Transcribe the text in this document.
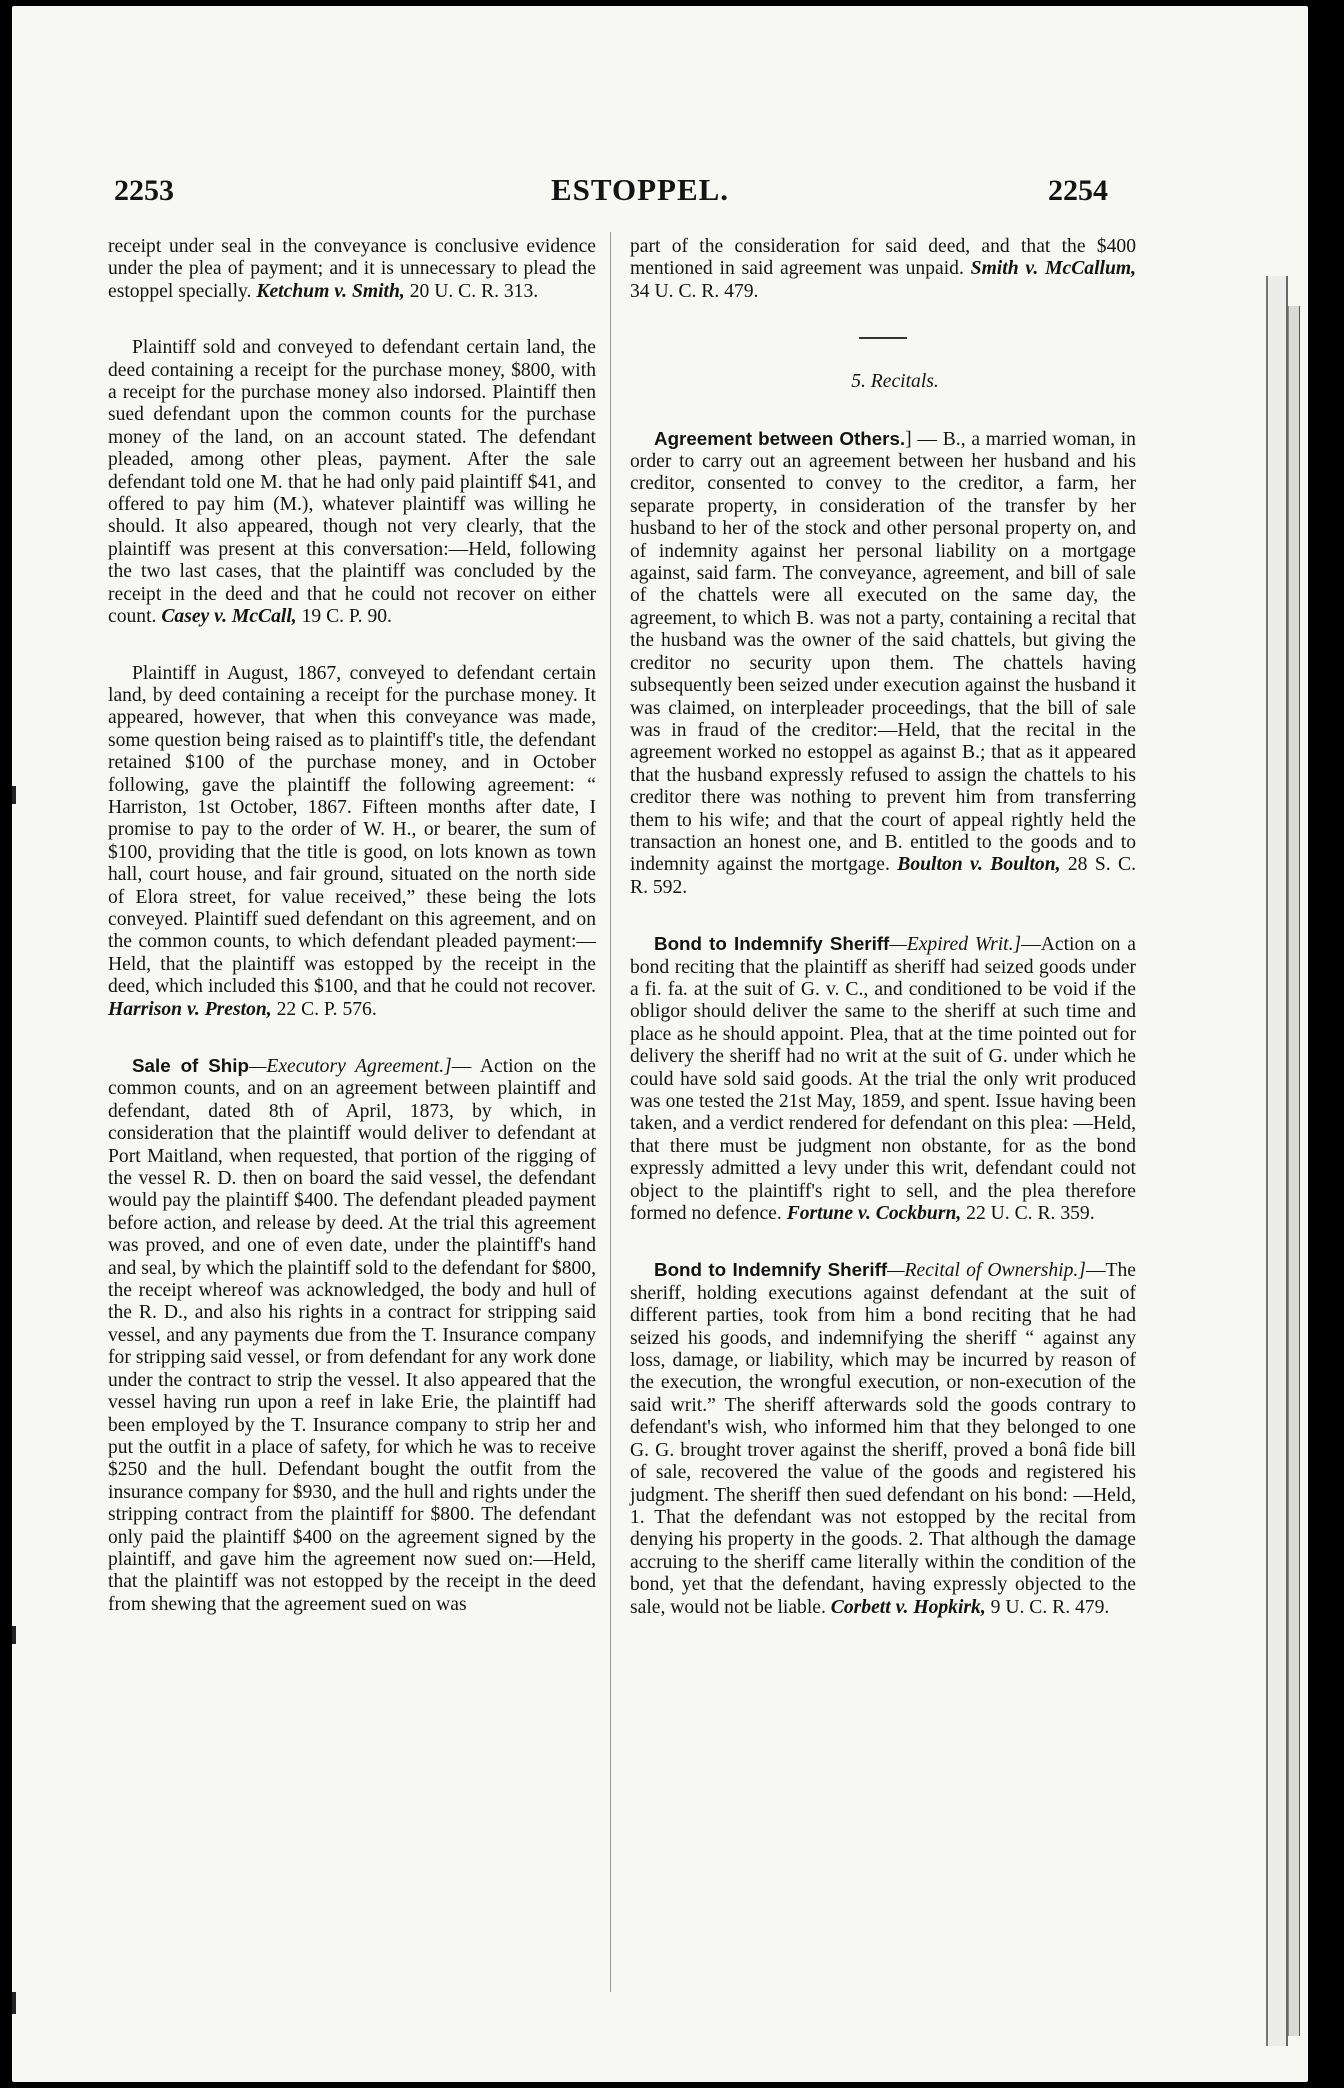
2253	ESTOPPEL.	2254

receipt under seal in the conveyance is conclusive evidence under the plea of payment; and it is unnecessary to plead the estoppel specially. Ketchum v. Smith, 20 U. C. R. 313.

Plaintiff sold and conveyed to defendant certain land, the deed containing a receipt for the purchase money, $800, with a receipt for the purchase money also indorsed. Plaintiff then sued defendant upon the common counts for the purchase money of the land, on an account stated. The defendant pleaded, among other pleas, payment. After the sale defendant told one M. that he had only paid plaintiff $41, and offered to pay him (M.), whatever plaintiff was willing he should. It also appeared, though not very clearly, that the plaintiff was present at this conversation:—Held, following the two last cases, that the plaintiff was concluded by the receipt in the deed and that he could not recover on either count. Casey v. McCall, 19 C. P. 90.

Plaintiff in August, 1867, conveyed to defendant certain land, by deed containing a receipt for the purchase money. It appeared, however, that when this conveyance was made, some question being raised as to plaintiff's title, the defendant retained $100 of the purchase money, and in October following, gave the plaintiff the following agreement: “ Harriston, 1st October, 1867. Fifteen months after date, I promise to pay to the order of W. H., or bearer, the sum of $100, providing that the title is good, on lots known as town hall, court house, and fair ground, situated on the north side of Elora street, for value received,” these being the lots conveyed. Plaintiff sued defendant on this agreement, and on the common counts, to which defendant pleaded payment:—Held, that the plaintiff was estopped by the receipt in the deed, which included this $100, and that he could not recover. Harrison v. Preston, 22 C. P. 576.

Sale of Ship—Executory Agreement.]— Action on the common counts, and on an agreement between plaintiff and defendant, dated 8th of April, 1873, by which, in consideration that the plaintiff would deliver to defendant at Port Maitland, when requested, that portion of the rigging of the vessel R. D. then on board the said vessel, the defendant would pay the plaintiff $400. The defendant pleaded payment before action, and release by deed. At the trial this agreement was proved, and one of even date, under the plaintiff's hand and seal, by which the plaintiff sold to the defendant for $800, the receipt whereof was acknowledged, the body and hull of the R. D., and also his rights in a contract for stripping said vessel, and any payments due from the T. Insurance company for stripping said vessel, or from defendant for any work done under the contract to strip the vessel. It also appeared that the vessel having run upon a reef in lake Erie, the plaintiff had been employed by the T. Insurance company to strip her and put the outfit in a place of safety, for which he was to receive $250 and the hull. Defendant bought the outfit from the insurance company for $930, and the hull and rights under the stripping contract from the plaintiff for $800. The defendant only paid the plaintiff $400 on the agreement signed by the plaintiff, and gave him the agreement now sued on:—Held, that the plaintiff was not estopped by the receipt in the deed from shewing that the agreement sued on was

part of the consideration for said deed, and that the $400 mentioned in said agreement was unpaid. Smith v. McCallum, 34 U. C. R. 479.

5. Recitals.

Agreement between Others.] — B., a married woman, in order to carry out an agreement between her husband and his creditor, consented to convey to the creditor, a farm, her separate property, in consideration of the transfer by her husband to her of the stock and other personal property on, and of indemnity against her personal liability on a mortgage against, said farm. The conveyance, agreement, and bill of sale of the chattels were all executed on the same day, the agreement, to which B. was not a party, containing a recital that the husband was the owner of the said chattels, but giving the creditor no security upon them. The chattels having subsequently been seized under execution against the husband it was claimed, on interpleader proceedings, that the bill of sale was in fraud of the creditor:—Held, that the recital in the agreement worked no estoppel as against B.; that as it appeared that the husband expressly refused to assign the chattels to his creditor there was nothing to prevent him from transferring them to his wife; and that the court of appeal rightly held the transaction an honest one, and B. entitled to the goods and to indemnity against the mortgage. Boulton v. Boulton, 28 S. C. R. 592.

Bond to Indemnify Sheriff—Expired Writ.]—Action on a bond reciting that the plaintiff as sheriff had seized goods under a fi. fa. at the suit of G. v. C., and conditioned to be void if the obligor should deliver the same to the sheriff at such time and place as he should appoint. Plea, that at the time pointed out for delivery the sheriff had no writ at the suit of G. under which he could have sold said goods. At the trial the only writ produced was one tested the 21st May, 1859, and spent. Issue having been taken, and a verdict rendered for defendant on this plea: —Held, that there must be judgment non obstante, for as the bond expressly admitted a levy under this writ, defendant could not object to the plaintiff's right to sell, and the plea therefore formed no defence. Fortune v. Cockburn, 22 U. C. R. 359.

Bond to Indemnify Sheriff—Recital of Ownership.]—The sheriff, holding executions against defendant at the suit of different parties, took from him a bond reciting that he had seized his goods, and indemnifying the sheriff “ against any loss, damage, or liability, which may be incurred by reason of the execution, the wrongful execution, or non-execution of the said writ.” The sheriff afterwards sold the goods contrary to defendant's wish, who informed him that they belonged to one G. G. brought trover against the sheriff, proved a bonâ fide bill of sale, recovered the value of the goods and registered his judgment. The sheriff then sued defendant on his bond: —Held, 1. That the defendant was not estopped by the recital from denying his property in the goods. 2. That although the damage accruing to the sheriff came literally within the condition of the bond, yet that the defendant, having expressly objected to the sale, would not be liable. Corbett v. Hopkirk, 9 U. C. R. 479.
